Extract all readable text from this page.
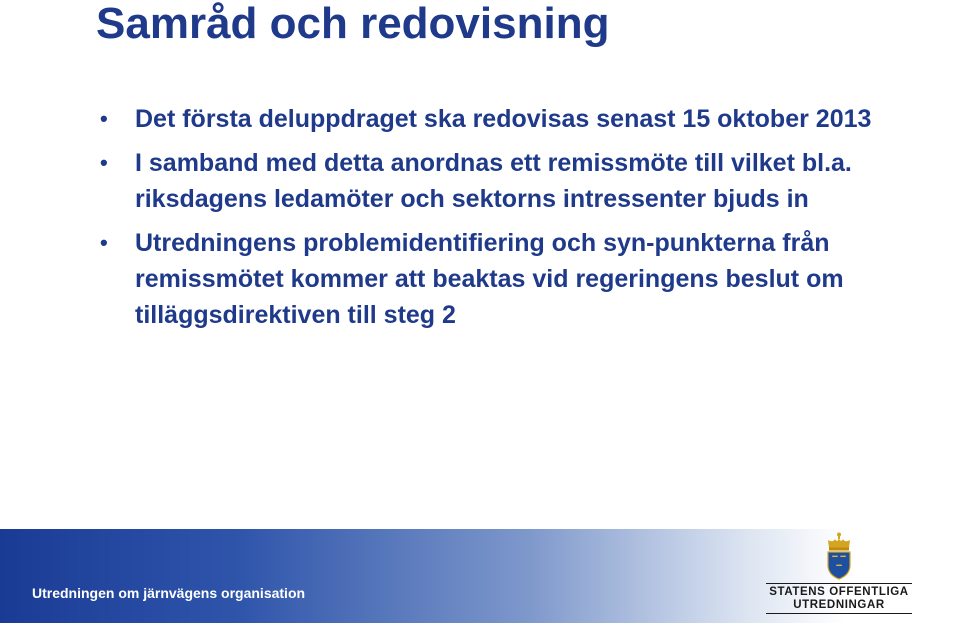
Samråd och redovisning
• Det första deluppdraget ska redovisas senast 15 oktober 2013
• I samband med detta anordnas ett remissmöte till vilket bl.a. riksdagens ledamöter och sektorns intressenter bjuds in
• Utredningens problemidentifiering och syn-punkterna från remissmötet kommer att beaktas vid regeringens beslut om tilläggsdirektiven till steg 2
Utredningen om järnvägens organisation	STATENS OFFENTLIGA
UTREDNINGAR
